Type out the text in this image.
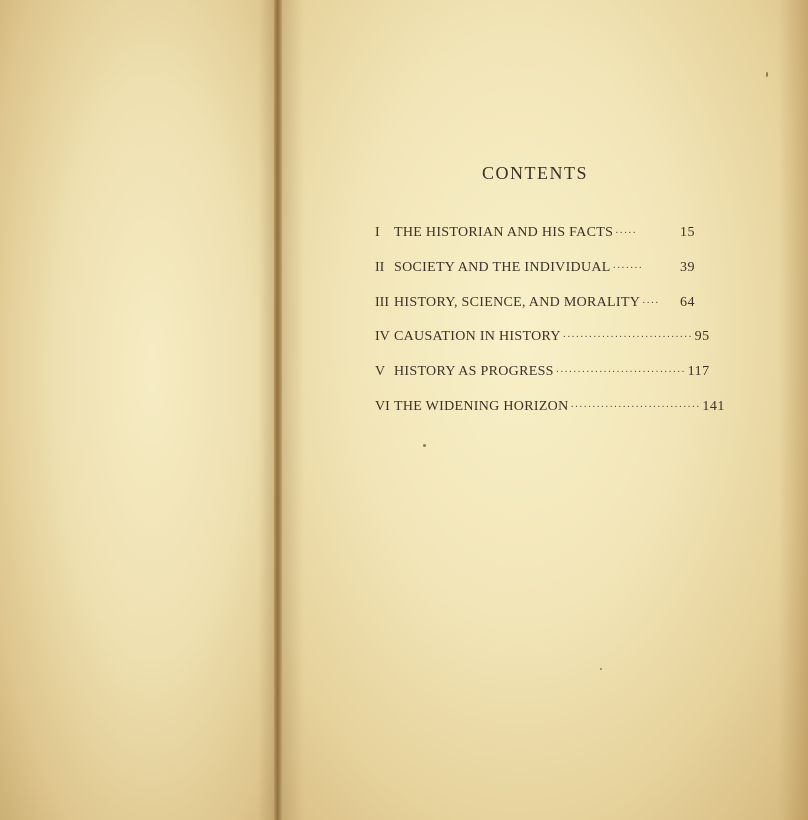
CONTENTS
I	THE HISTORIAN AND HIS FACTS ·····	15
II SOCIETY AND THE INDIVIDUAL ·······	39
III HISTORY, SCIENCE, AND MORALITY ····	64
IV CAUSATION IN HISTORY ······························ 95
V HISTORY AS PROGRESS ······························ 117
VI THE WIDENING HORIZON ······························ 141
